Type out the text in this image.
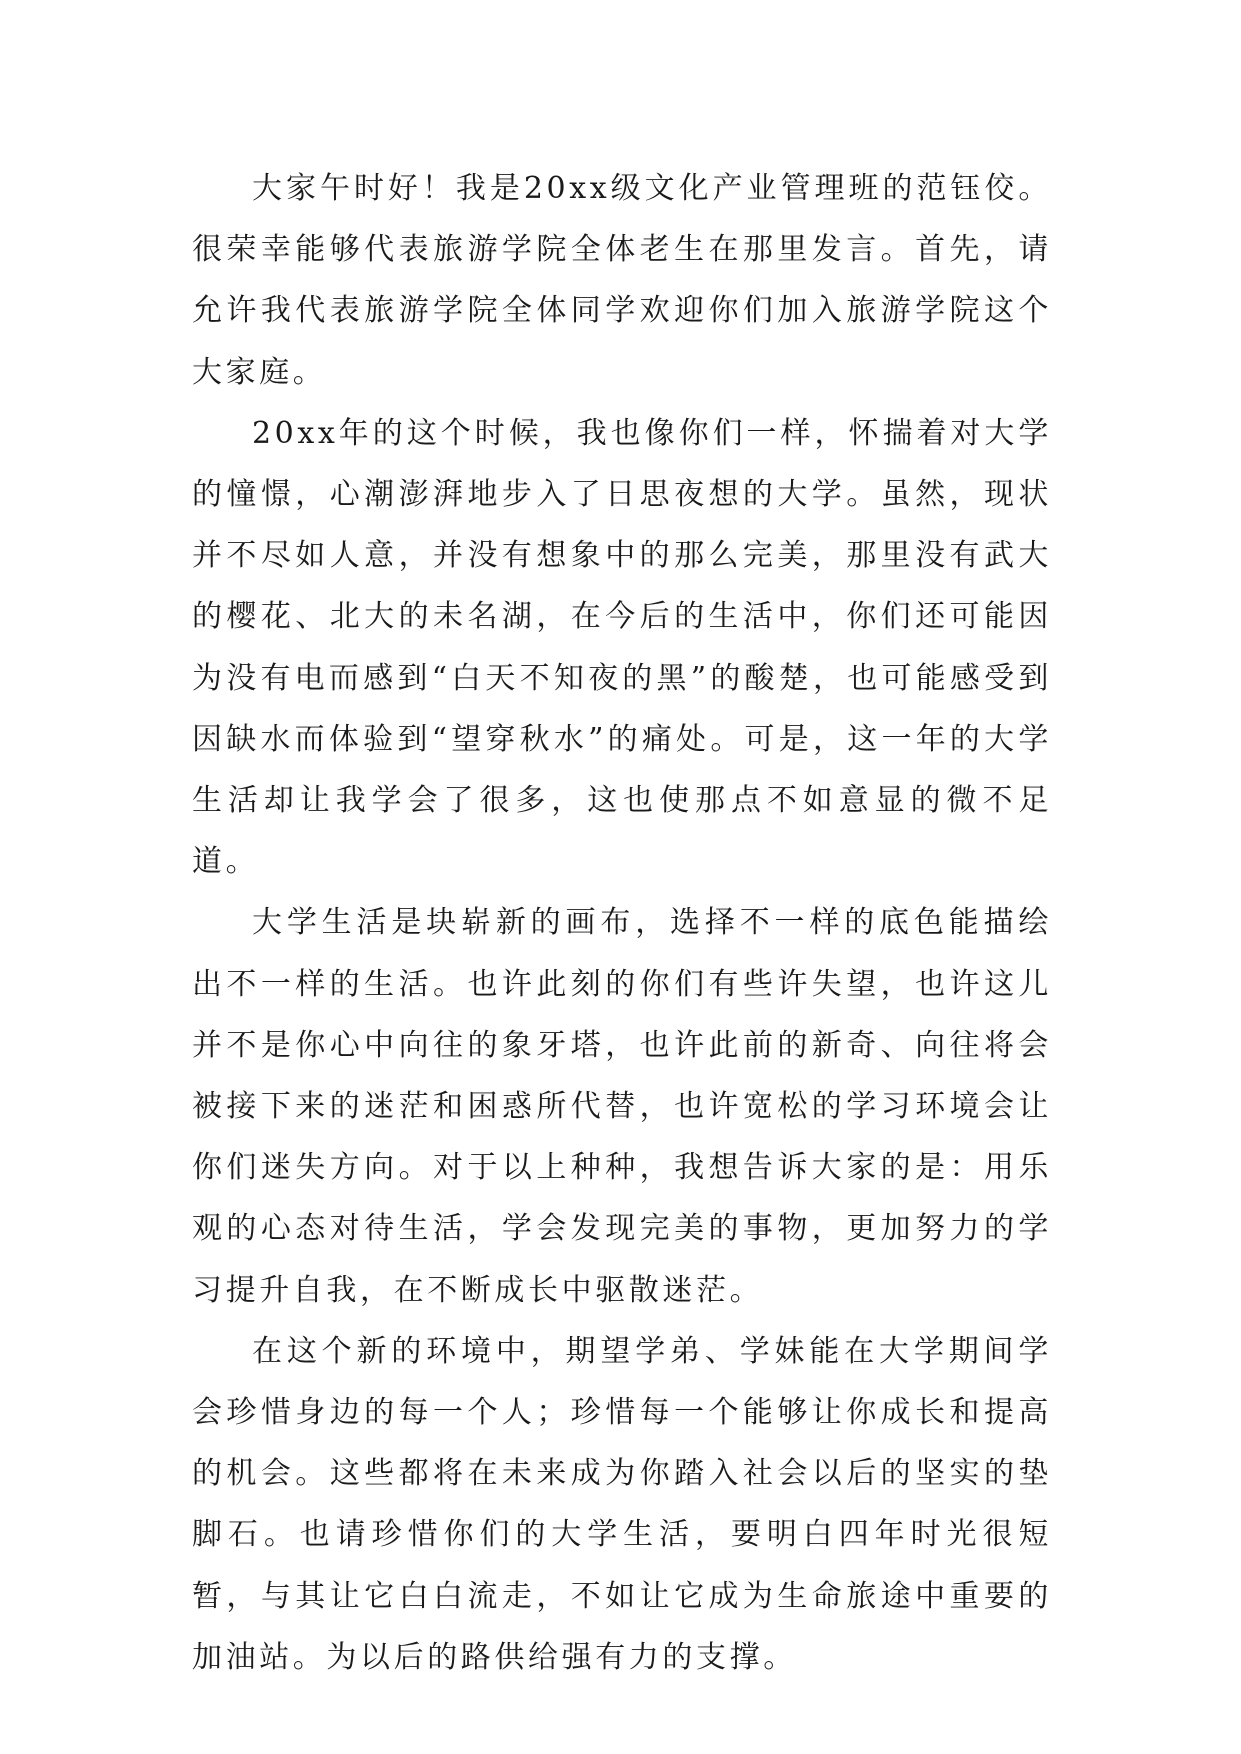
大家午时好！我是20xx级文化产业管理班的范钰佼。很荣幸能够代表旅游学院全体老生在那里发言。首先，请允许我代表旅游学院全体同学欢迎你们加入旅游学院这个大家庭。

20xx年的这个时候，我也像你们一样，怀揣着对大学的憧憬，心潮澎湃地步入了日思夜想的大学。虽然，现状并不尽如人意，并没有想象中的那么完美，那里没有武大的樱花、北大的未名湖，在今后的生活中，你们还可能因为没有电而感到“白天不知夜的黑”的酸楚，也可能感受到因缺水而体验到“望穿秋水”的痛处。可是，这一年的大学生活却让我学会了很多，这也使那点不如意显的微不足道。

大学生活是块崭新的画布，选择不一样的底色能描绘出不一样的生活。也许此刻的你们有些许失望，也许这儿并不是你心中向往的象牙塔，也许此前的新奇、向往将会被接下来的迷茫和困惑所代替，也许宽松的学习环境会让你们迷失方向。对于以上种种，我想告诉大家的是：用乐观的心态对待生活，学会发现完美的事物，更加努力的学习提升自我，在不断成长中驱散迷茫。

在这个新的环境中，期望学弟、学妹能在大学期间学会珍惜身边的每一个人；珍惜每一个能够让你成长和提高的机会。这些都将在未来成为你踏入社会以后的坚实的垫脚石。也请珍惜你们的大学生活，要明白四年时光很短暂，与其让它白白流走，不如让它成为生命旅途中重要的加油站。为以后的路供给强有力的支撑。
